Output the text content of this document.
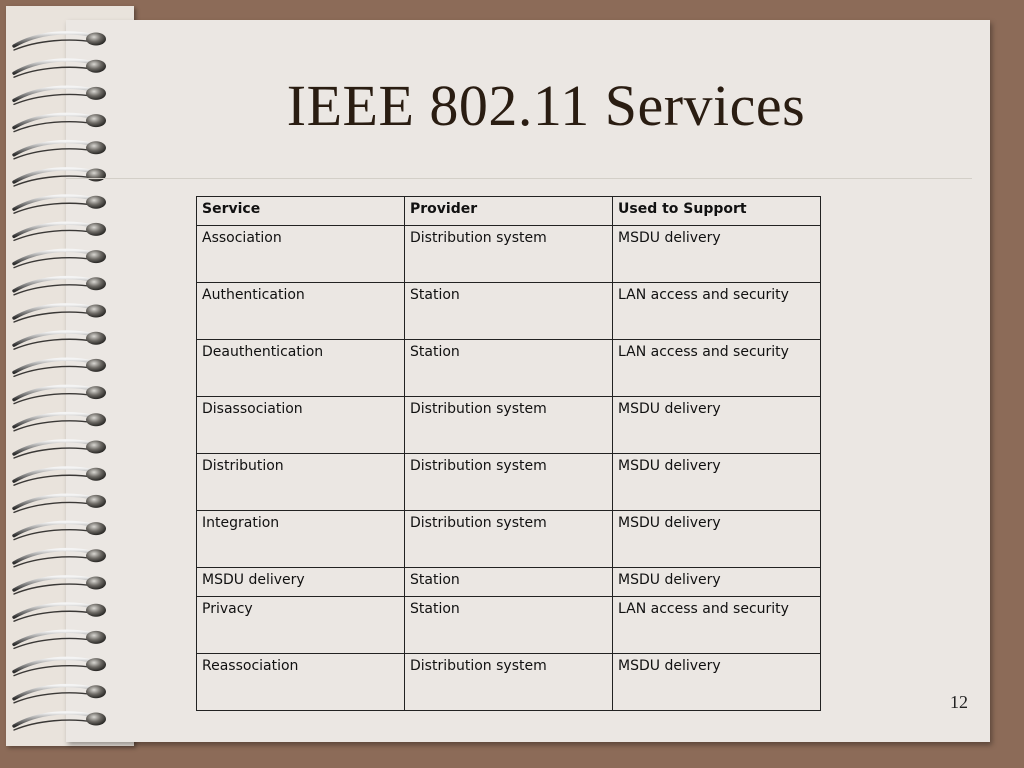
IEEE 802.11 Services
Service	Provider	Used to Support
Association	Distribution system	MSDU delivery
Authentication	Station	LAN access and security
Deauthentication	Station	LAN access and security
Disassociation	Distribution system	MSDU delivery
Distribution	Distribution system	MSDU delivery
Integration	Distribution system	MSDU delivery
MSDU delivery	Station	MSDU delivery
Privacy	Station	LAN access and security
Reassociation	Distribution system	MSDU delivery
12
